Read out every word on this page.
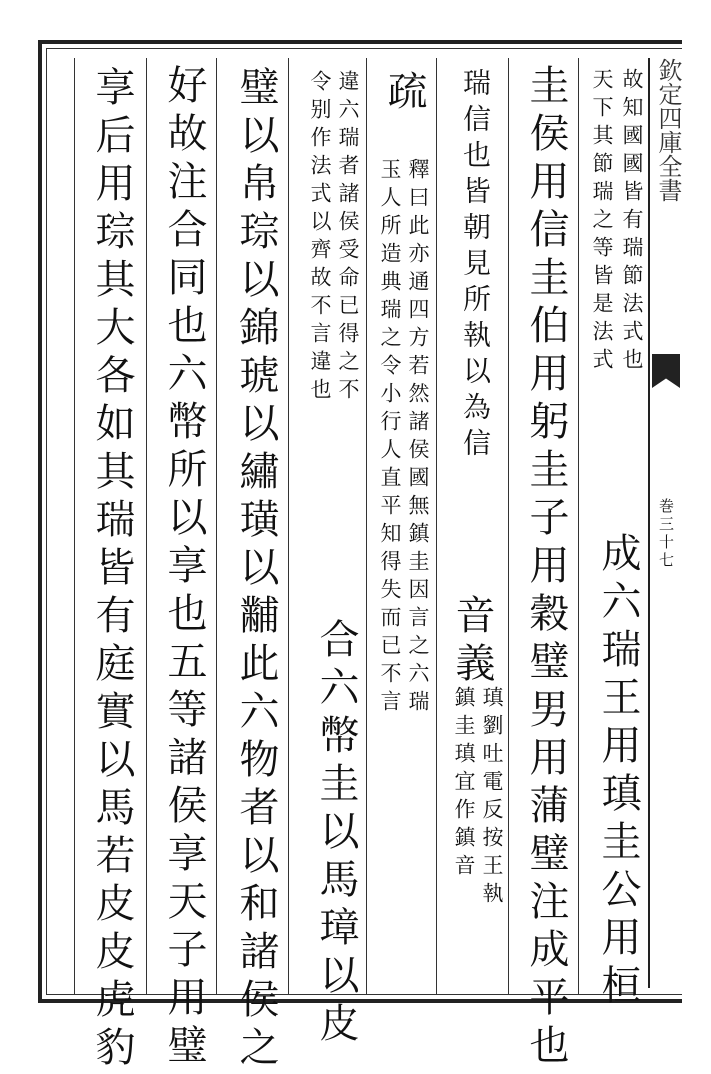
欽定四庫全書
巻三十七
天下其節瑞之等皆是法式 故知國國皆有瑞節法式也
成六瑞王用瑱圭公用桓
圭侯用信圭伯用躬圭子用穀璧男用蒲璧注成平也
瑞信也皆朝見所執以為信
音義
瑱劉吐電反按王執
鎮圭瑱宜作鎮音
疏
釋曰此亦通四方若然諸侯國無鎮圭因言之六瑞
玉人所造典瑞之令小行人直平知得失而已不言
違六瑞者諸侯受命已得之不
令别作法式以齊故不言違也
合六幣圭以馬璋以皮
璧以帛琮以錦琥以繡璜以黼此六物者以和諸侯之
好故注合同也六幣所以享也五等諸侯享天子用璧
享后用琮其大各如其瑞皆有庭實以馬若皮皮虎豹
